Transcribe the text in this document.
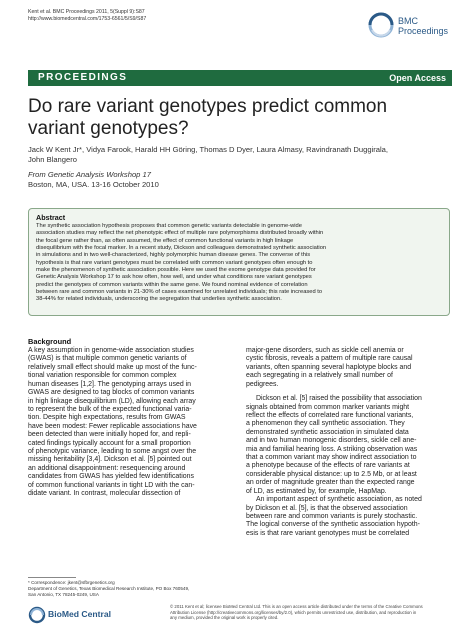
Kent et al. BMC Proceedings 2011, 5(Suppl 9):S87
http://www.biomedcentral.com/1753-6561/5/S9/S87	BMC
Proceedings
PROCEEDINGS	Open Access
Do rare variant genotypes predict common
variant genotypes?
Jack W Kent Jr*, Vidya Farook, Harald HH Göring, Thomas D Dyer, Laura Almasy, Ravindranath Duggirala,
John Blangero
From Genetic Analysis Workshop 17
Boston, MA, USA. 13-16 October 2010
Abstract
The synthetic association hypothesis proposes that common genetic variants detectable in genome-wide
association studies may reflect the net phenotypic effect of multiple rare polymorphisms distributed broadly within
the focal gene rather than, as often assumed, the effect of common functional variants in high linkage
disequilibrium with the focal marker. In a recent study, Dickson and colleagues demonstrated synthetic association
in simulations and in two well-characterized, highly polymorphic human disease genes. The converse of this
hypothesis is that rare variant genotypes must be correlated with common variant genotypes often enough to
make the phenomenon of synthetic association possible. Here we used the exome genotype data provided for
Genetic Analysis Workshop 17 to ask how often, how well, and under what conditions rare variant genotypes
predict the genotypes of common variants within the same gene. We found nominal evidence of correlation
between rare and common variants in 21-30% of cases examined for unrelated individuals; this rate increased to
38-44% for related individuals, underscoring the segregation that underlies synthetic association.
Background
A key assumption in genome-wide association studies
(GWAS) is that multiple common genetic variants of
relatively small effect should make up most of the func-
tional variation responsible for common complex
human diseases [1,2]. The genotyping arrays used in
GWAS are designed to tag blocks of common variants
in high linkage disequilibrium (LD), allowing each array
to represent the bulk of the expected functional varia-
tion. Despite high expectations, results from GWAS
have been modest: Fewer replicable associations have
been detected than were initially hoped for, and repli-
cated findings typically account for a small proportion
of phenotypic variance, leading to some angst over the
missing heritability [3,4]. Dickson et al. [5] pointed out
an additional disappointment: resequencing around
candidates from GWAS has yielded few identifications
of common functional variants in tight LD with the can-
didate variant. In contrast, molecular dissection of
major-gene disorders, such as sickle cell anemia or
cystic fibrosis, reveals a pattern of multiple rare causal
variants, often spanning several haplotype blocks and
each segregating in a relatively small number of
pedigrees.
Dickson et al. [5] raised the possibility that association
signals obtained from common marker variants might
reflect the effects of correlated rare functional variants,
a phenomenon they call synthetic association. They
demonstrated synthetic association in simulated data
and in two human monogenic disorders, sickle cell ane-
mia and familial hearing loss. A striking observation was
that a common variant may show indirect association to
a phenotype because of the effects of rare variants at
considerable physical distance: up to 2.5 Mb, or at least
an order of magnitude greater than the expected range
of LD, as estimated by, for example, HapMap.
An important aspect of synthetic association, as noted
by Dickson et al. [5], is that the observed association
between rare and common variants is purely stochastic.
The logical converse of the synthetic association hypoth-
esis is that rare variant genotypes must be correlated
* Correspondence: jkent@sfbrgenetics.org
Department of Genetics, Texas Biomedical Research Institute, PO Box 760549,
San Antonio, TX 78245-0249, USA
BioMed Central
© 2011 Kent et al; licensee BioMed Central Ltd. This is an open access article distributed under the terms of the Creative Commons
Attribution License (http://creativecommons.org/licenses/by/2.0), which permits unrestricted use, distribution, and reproduction in
any medium, provided the original work is properly cited.
